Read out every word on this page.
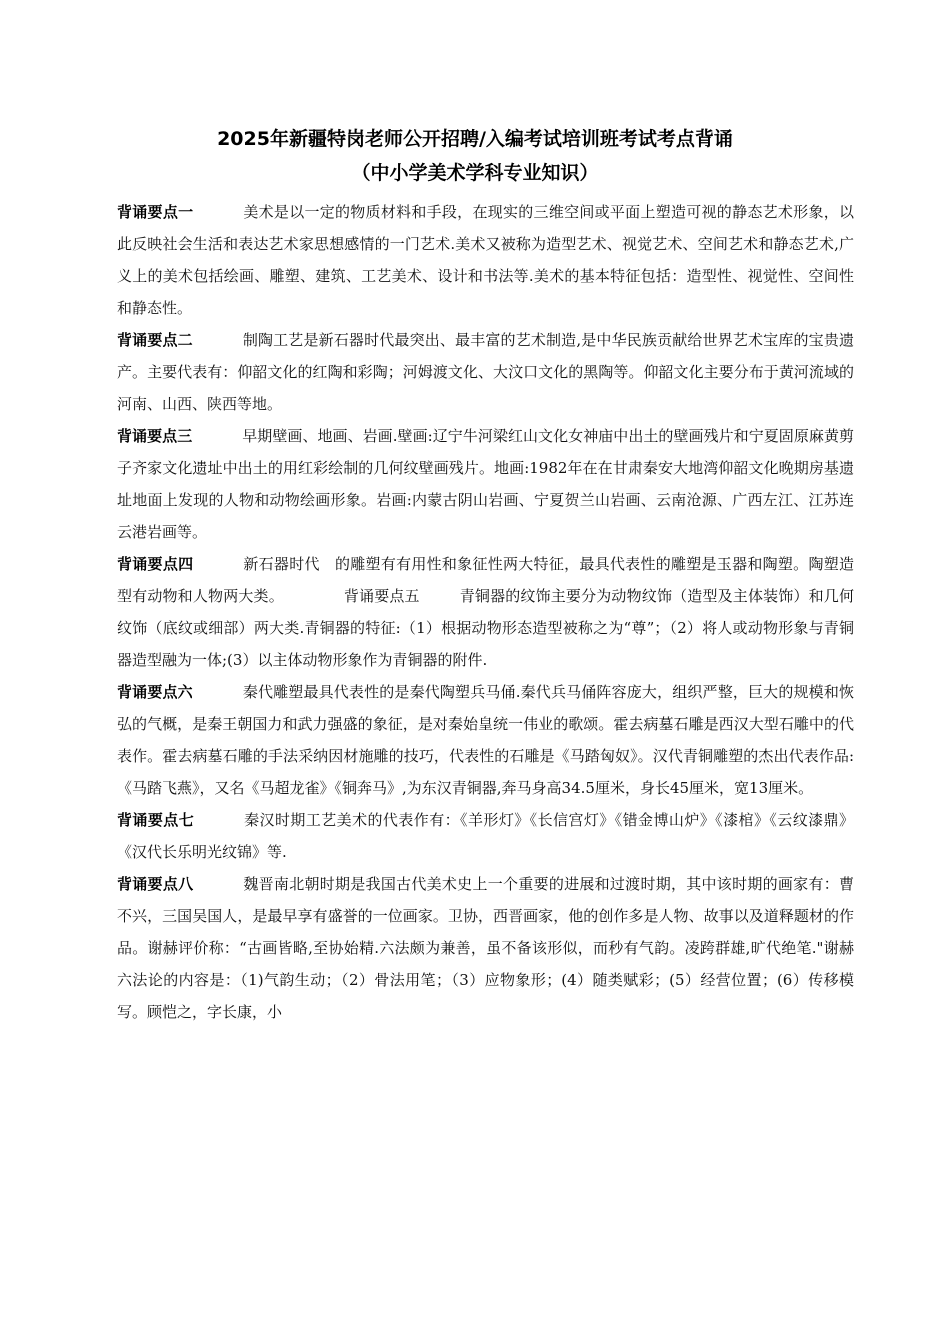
2025年新疆特岗老师公开招聘/入编考试培训班考试考点背诵
（中小学美术学科专业知识）

背诵要点一	美术是以一定的物质材料和手段，在现实的三维空间或平面上塑造可视的静态艺术形象，以此反映社会生活和表达艺术家思想感情的一门艺术.美术又被称为造型艺术、视觉艺术、空间艺术和静态艺术,广义上的美术包括绘画、雕塑、建筑、工艺美术、设计和书法等.美术的基本特征包括：造型性、视觉性、空间性和静态性。

背诵要点二	制陶工艺是新石器时代最突出、最丰富的艺术制造,是中华民族贡献给世界艺术宝库的宝贵遗产。主要代表有：仰韶文化的红陶和彩陶；河姆渡文化、大汶口文化的黑陶等。仰韶文化主要分布于黄河流域的河南、山西、陕西等地。

背诵要点三	早期壁画、地画、岩画.壁画:辽宁牛河梁红山文化女神庙中出土的壁画残片和宁夏固原麻黄剪子齐家文化遗址中出土的用红彩绘制的几何纹壁画残片。地画:1982年在在甘肃秦安大地湾仰韶文化晚期房基遗址地面上发现的人物和动物绘画形象。岩画:内蒙古阴山岩画、宁夏贺兰山岩画、云南沧源、广西左江、江苏连云港岩画等。

背诵要点四	新石器时代　的雕塑有有用性和象征性两大特征，最具代表性的雕塑是玉器和陶塑。陶塑造型有动物和人物两大类。	背诵要点五	青铜器的纹饰主要分为动物纹饰（造型及主体装饰）和几何纹饰（底纹或细部）两大类.青铜器的特征:（1）根据动物形态造型被称之为“尊”；（2）将人或动物形象与青铜器造型融为一体;(3）以主体动物形象作为青铜器的附件.

背诵要点六	秦代雕塑最具代表性的是秦代陶塑兵马俑.秦代兵马俑阵容庞大，组织严整，巨大的规模和恢弘的气概，是秦王朝国力和武力强盛的象征，是对秦始皇统一伟业的歌颂。霍去病墓石雕是西汉大型石雕中的代表作。霍去病墓石雕的手法采纳因材施雕的技巧，代表性的石雕是《马踏匈奴》。汉代青铜雕塑的杰出代表作品:《马踏飞燕》，又名《马超龙雀》《铜奔马》,为东汉青铜器,奔马身高34.5厘米，身长45厘米，宽13厘米。

背诵要点七	秦汉时期工艺美术的代表作有：《羊形灯》《长信宫灯》《错金博山炉》《漆棺》《云纹漆鼎》《汉代长乐明光纹锦》等.

背诵要点八	魏晋南北朝时期是我国古代美术史上一个重要的进展和过渡时期，其中该时期的画家有：曹不兴，三国吴国人，是最早享有盛誉的一位画家。卫协，西晋画家，他的创作多是人物、故事以及道释题材的作品。谢赫评价称：“古画皆略,至协始精.六法颇为兼善，虽不备该形似，而秒有气韵。凌跨群雄,旷代绝笔."谢赫六法论的内容是：（1)气韵生动；（2）骨法用笔；（3）应物象形；(4）随类赋彩；(5）经营位置；(6）传移模写。顾恺之，字长康，小
